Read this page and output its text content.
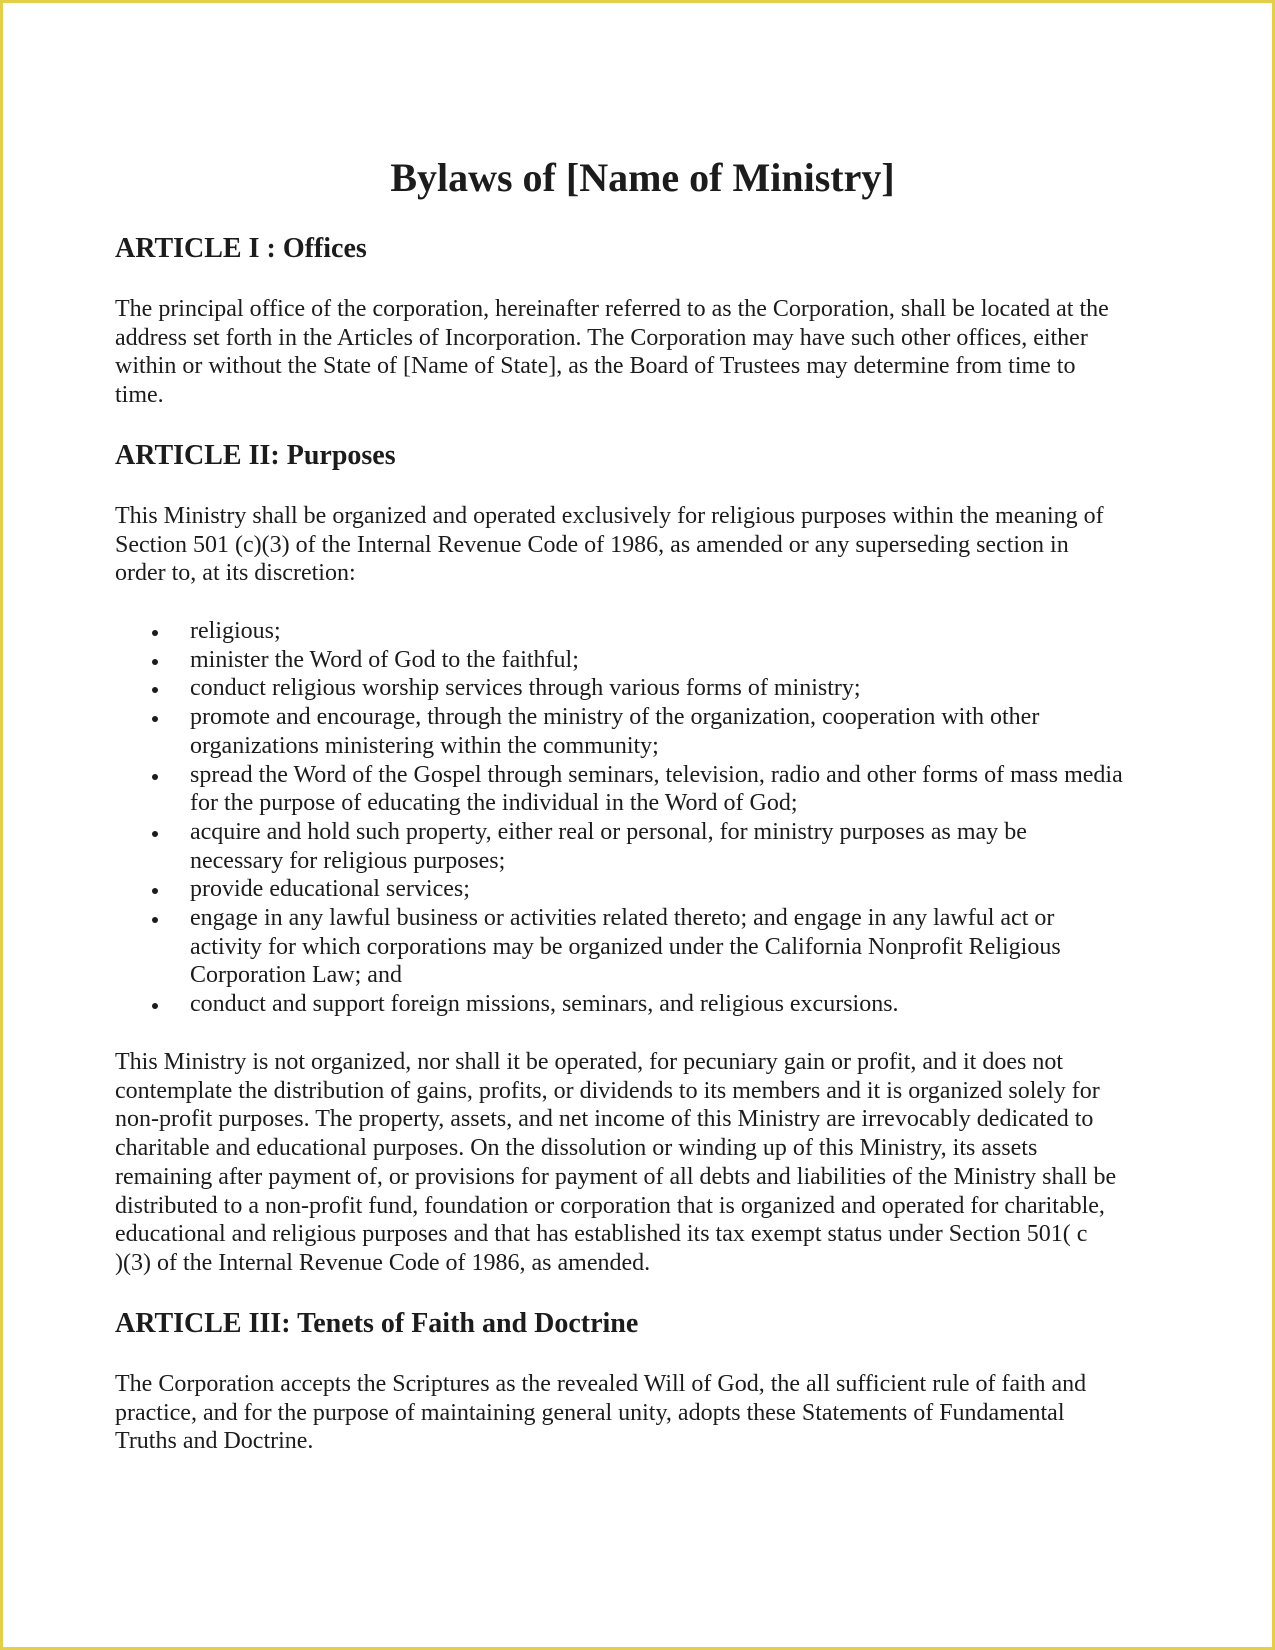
Bylaws of [Name of Ministry]
ARTICLE I : Offices

The principal office of the corporation, hereinafter referred to as the Corporation, shall be located at the
address set forth in the Articles of Incorporation. The Corporation may have such other offices, either
within or without the State of [Name of State], as the Board of Trustees may determine from time to
time.

ARTICLE II: Purposes

This Ministry shall be organized and operated exclusively for religious purposes within the meaning of
Section 501 (c)(3) of the Internal Revenue Code of 1986, as amended or any superseding section in
order to, at its discretion:

religious;
minister the Word of God to the faithful;
conduct religious worship services through various forms of ministry;
promote and encourage, through the ministry of the organization, cooperation with other
organizations ministering within the community;
spread the Word of the Gospel through seminars, television, radio and other forms of mass media
for the purpose of educating the individual in the Word of God;
acquire and hold such property, either real or personal, for ministry purposes as may be
necessary for religious purposes;
provide educational services;
engage in any lawful business or activities related thereto; and engage in any lawful act or
activity for which corporations may be organized under the California Nonprofit Religious
Corporation Law; and
conduct and support foreign missions, seminars, and religious excursions.

This Ministry is not organized, nor shall it be operated, for pecuniary gain or profit, and it does not
contemplate the distribution of gains, profits, or dividends to its members and it is organized solely for
non-profit purposes. The property, assets, and net income of this Ministry are irrevocably dedicated to
charitable and educational purposes. On the dissolution or winding up of this Ministry, its assets
remaining after payment of, or provisions for payment of all debts and liabilities of the Ministry shall be
distributed to a non-profit fund, foundation or corporation that is organized and operated for charitable,
educational and religious purposes and that has established its tax exempt status under Section 501( c
)(3) of the Internal Revenue Code of 1986, as amended.

ARTICLE III: Tenets of Faith and Doctrine

The Corporation accepts the Scriptures as the revealed Will of God, the all sufficient rule of faith and
practice, and for the purpose of maintaining general unity, adopts these Statements of Fundamental
Truths and Doctrine.
